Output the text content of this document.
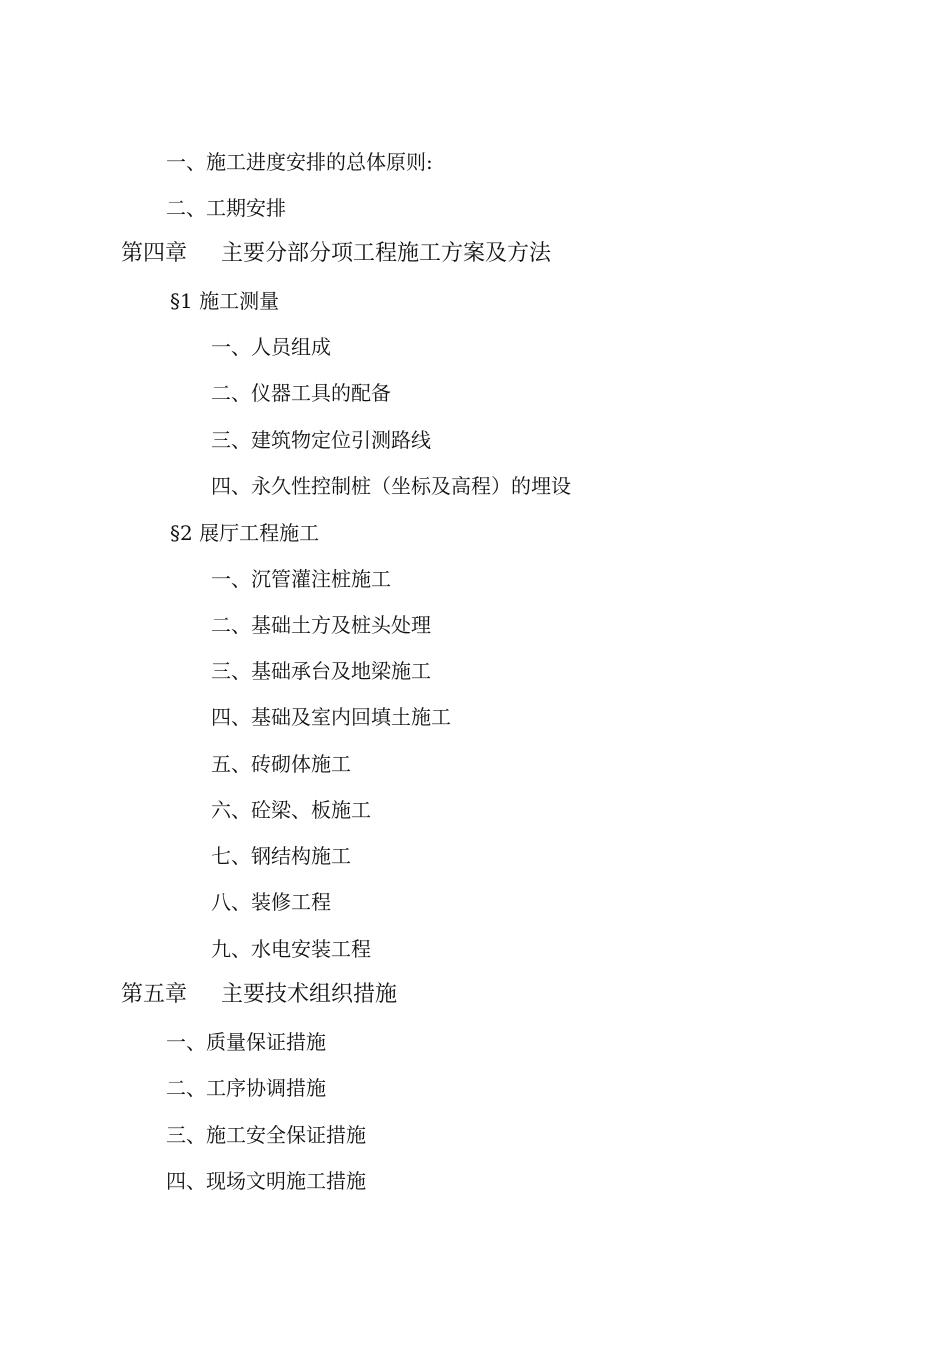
一、施工进度安排的总体原则:
二、工期安排
第四章 主要分部分项工程施工方案及方法
§1 施工测量
一、人员组成
二、仪器工具的配备
三、建筑物定位引测路线
四、永久性控制桩（坐标及高程）的埋设
§2 展厅工程施工
一、沉管灌注桩施工
二、基础土方及桩头处理
三、基础承台及地梁施工
四、基础及室内回填土施工
五、砖砌体施工
六、砼梁、板施工
七、钢结构施工
八、装修工程
九、水电安装工程
第五章 主要技术组织措施
一、质量保证措施
二、工序协调措施
三、施工安全保证措施
四、现场文明施工措施
